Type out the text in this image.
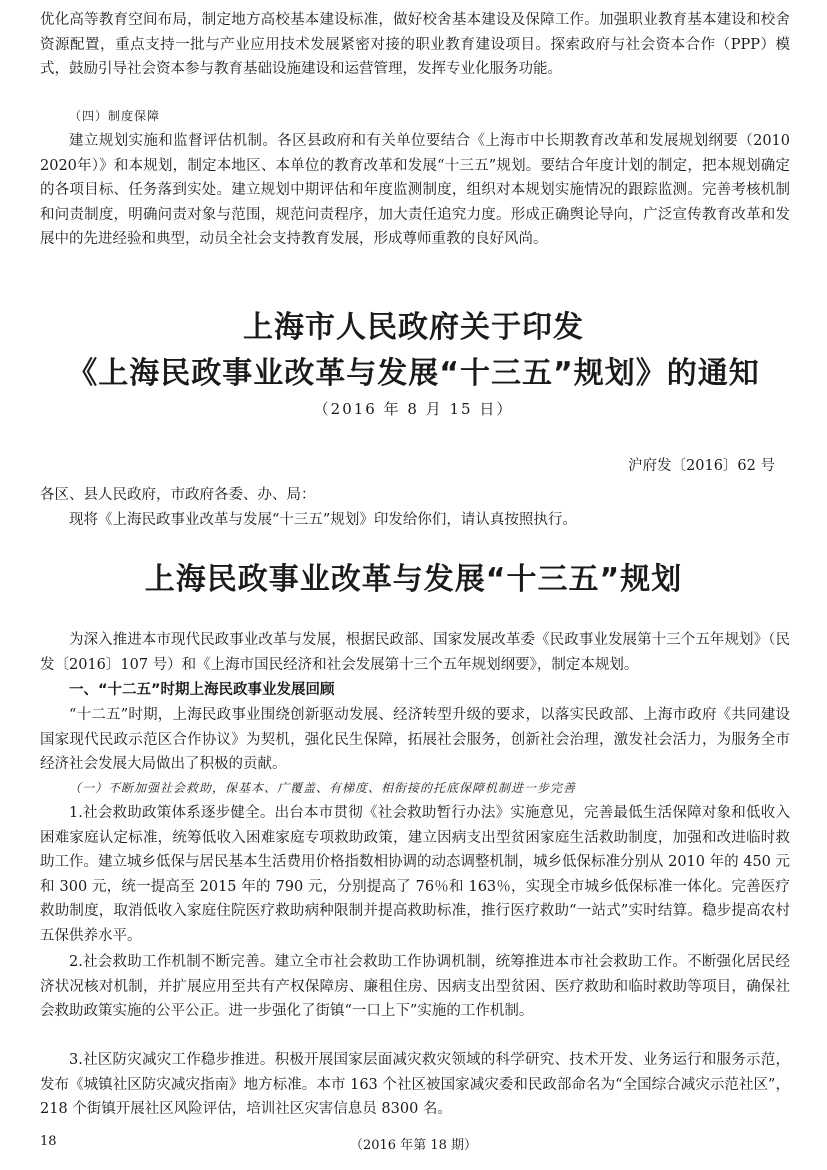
优化高等教育空间布局，制定地方高校基本建设标准，做好校舍基本建设及保障工作。加强职业教育基本建设和校舍资源配置，重点支持一批与产业应用技术发展紧密对接的职业教育建设项目。探索政府与社会资本合作（PPP）模式，鼓励引导社会资本参与教育基础设施建设和运营管理，发挥专业化服务功能。

（四）制度保障

建立规划实施和监督评估机制。各区县政府和有关单位要结合《上海市中长期教育改革和发展规划纲要（2010　2020年）》和本规划，制定本地区、本单位的教育改革和发展“十三五”规划。要结合年度计划的制定，把本规划确定的各项目标、任务落到实处。建立规划中期评估和年度监测制度，组织对本规划实施情况的跟踪监测。完善考核机制和问责制度，明确问责对象与范围，规范问责程序，加大责任追究力度。形成正确舆论导向，广泛宣传教育改革和发展中的先进经验和典型，动员全社会支持教育发展，形成尊师重教的良好风尚。

上海市人民政府关于印发
《上海民政事业改革与发展“十三五”规划》的通知
（2016 年 8 月 15 日）
沪府发〔2016〕62 号

各区、县人民政府，市政府各委、办、局：

现将《上海民政事业改革与发展“十三五”规划》印发给你们，请认真按照执行。

上海民政事业改革与发展“十三五”规划

为深入推进本市现代民政事业改革与发展，根据民政部、国家发展改革委《民政事业发展第十三个五年规划》（民发〔2016〕107 号）和《上海市国民经济和社会发展第十三个五年规划纲要》，制定本规划。

一、“十二五”时期上海民政事业发展回顾

“十二五”时期，上海民政事业围绕创新驱动发展、经济转型升级的要求，以落实民政部、上海市政府《共同建设国家现代民政示范区合作协议》为契机，强化民生保障，拓展社会服务，创新社会治理，激发社会活力，为服务全市经济社会发展大局做出了积极的贡献。

（一）不断加强社会救助，保基本、广覆盖、有梯度、相衔接的托底保障机制进一步完善

1.社会救助政策体系逐步健全。出台本市贯彻《社会救助暂行办法》实施意见，完善最低生活保障对象和低收入困难家庭认定标准，统筹低收入困难家庭专项救助政策，建立因病支出型贫困家庭生活救助制度，加强和改进临时救助工作。建立城乡低保与居民基本生活费用价格指数相协调的动态调整机制，城乡低保标准分别从 2010 年的 450 元和 300 元，统一提高至 2015 年的 790 元，分别提高了 76％和 163％，实现全市城乡低保标准一体化。完善医疗救助制度，取消低收入家庭住院医疗救助病种限制并提高救助标准，推行医疗救助“一站式”实时结算。稳步提高农村五保供养水平。

2.社会救助工作机制不断完善。建立全市社会救助工作协调机制，统筹推进本市社会救助工作。不断强化居民经济状况核对机制，并扩展应用至共有产权保障房、廉租住房、因病支出型贫困、医疗救助和临时救助等项目，确保社会救助政策实施的公平公正。进一步强化了街镇“一口上下”实施的工作机制。

3.社区防灾减灾工作稳步推进。积极开展国家层面减灾救灾领域的科学研究、技术开发、业务运行和服务示范，发布《城镇社区防灾减灾指南》地方标准。本市 163 个社区被国家减灾委和民政部命名为“全国综合减灾示范社区”，218 个街镇开展社区风险评估，培训社区灾害信息员 8300 名。

18	（2016 年第 18 期）
